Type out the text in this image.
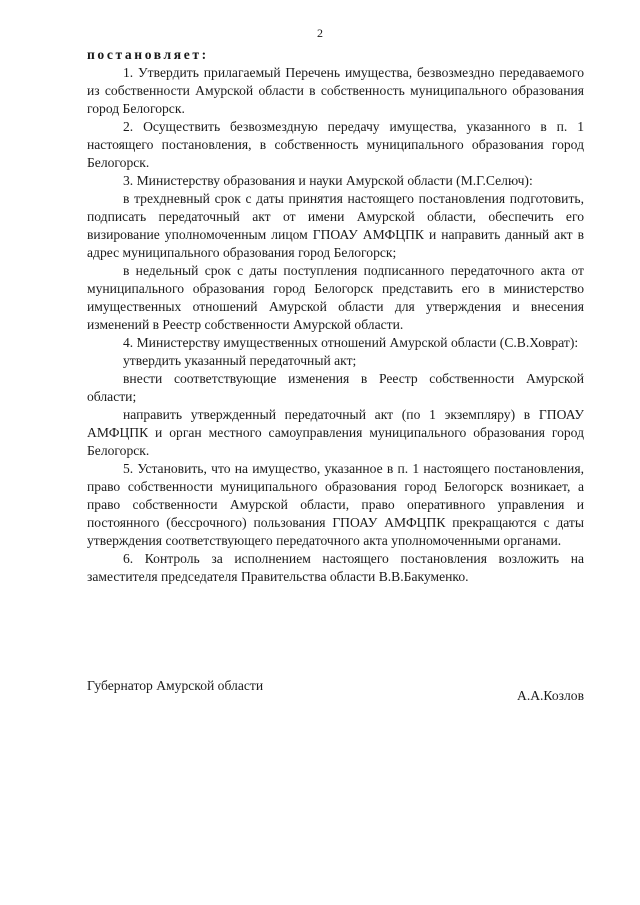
2

постановляет:

1. Утвердить прилагаемый Перечень имущества, безвозмездно передаваемого из собственности Амурской области в собственность муниципального образования город Белогорск.

2. Осуществить безвозмездную передачу имущества, указанного в п. 1 настоящего постановления, в собственность муниципального образования город Белогорск.

3. Министерству образования и науки Амурской области (М.Г.Селюч):

в трехдневный срок с даты принятия настоящего постановления подготовить, подписать передаточный акт от имени Амурской области, обеспечить его визирование уполномоченным лицом ГПОАУ АМФЦПК и направить данный акт в адрес муниципального образования город Белогорск;

в недельный срок с даты поступления подписанного передаточного акта от муниципального образования город Белогорск представить его в министерство имущественных отношений Амурской области для утверждения и внесения изменений в Реестр собственности Амурской области.

4. Министерству имущественных отношений Амурской области (С.В.Ховрат):

утвердить указанный передаточный акт;

внести соответствующие изменения в Реестр собственности Амурской области;

направить утвержденный передаточный акт (по 1 экземпляру) в ГПОАУ АМФЦПК и орган местного самоуправления муниципального образования город Белогорск.

5. Установить, что на имущество, указанное в п. 1 настоящего постановления, право собственности муниципального образования город Белогорск возникает, а право собственности Амурской области, право оперативного управления и постоянного (бессрочного) пользования ГПОАУ АМФЦПК прекращаются с даты утверждения соответствующего передаточного акта уполномоченными органами.

6. Контроль за исполнением настоящего постановления возложить на заместителя председателя Правительства области В.В.Бакуменко.

Губернатор Амурской области
А.А.Козлов
